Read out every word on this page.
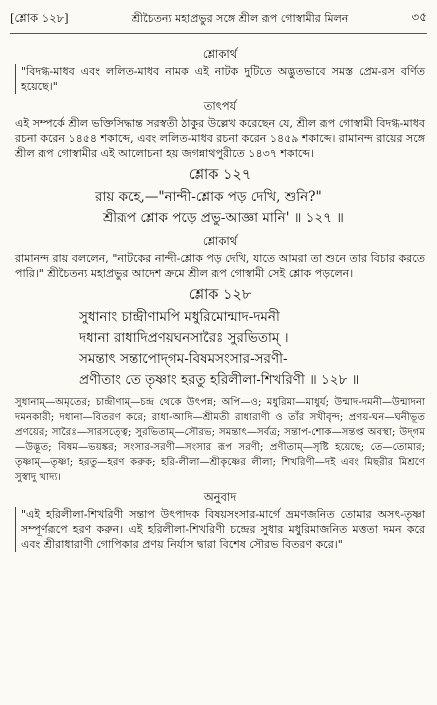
[শ্লোক ১২৮]	শ্রীচৈতন্য মহাপ্রভুর সঙ্গে শ্রীল রূপ গোস্বামীর মিলন	৩৫
শ্লোকার্থ

"বিদগ্ধ-মাধব এবং ললিত-মাধব নামক এই নাটক দুটিতে অদ্ভুতভাবে সমস্ত প্রেম-রস বর্ণিত হয়েছে।"

তাৎপর্য

এই সম্পর্কে শ্রীল ভক্তিসিদ্ধান্ত সরস্বতী ঠাকুর উল্লেখ করেছেন যে, শ্রীল রূপ গোস্বামী বিদগ্ধ-মাধব রচনা করেন ১৪৫৪ শকাব্দে, এবং ললিত-মাধব রচনা করেন ১৪৫৯ শকাব্দে। রামানন্দ রায়ের সঙ্গে শ্রীল রূপ গোস্বামীর এই আলোচনা হয় জগন্নাথপুরীতে ১৪৩৭ শকাব্দে।

শ্লোক ১২৭
রায় কহে,—"নান্দী-শ্লোক পড় দেখি, শুনি?"
শ্রীরূপ শ্লোক পড়ে প্রভু-আজ্ঞা মানি' ॥ ১২৭ ॥
শ্লোকার্থ

রামানন্দ রায় বললেন, "নাটকের নান্দী-শ্লোক পড় দেখি, যাতে আমরা তা শুনে তার বিচার করতে পারি।" শ্রীচৈতন্য মহাপ্রভুর আদেশ ক্রমে শ্রীল রূপ গোস্বামী সেই শ্লোক পড়লেন।

শ্লোক ১২৮
সুধানাং চান্দ্রীণামপি মধুরিমোন্মাদ-দমনী
দধানা রাধাদিপ্রণয়ঘনসারৈঃ সুরভিতাম্ ।
সমন্তাৎ সন্তাপোদ্‌গম-বিষমসংসার-সরণী-
প্রণীতাং তে তৃষ্ণাং হরতু হরিলীলা-শিখরিণী ॥ ১২৮ ॥

সুধানাম্—অমৃতের; চান্দ্রীণাম্—চন্দ্র থেকে উৎপন্ন; অপি—ও; মধুরিমা—মাধুর্য; উন্মাদ-দমনী—উন্মাদনা দমনকারী; দধানা—বিতরণ করে; রাধা-আদি—শ্রীমতী রাধারাণী ও তাঁর সখীবৃন্দ; প্রণয়-ঘন—ঘনীভূত প্রণয়ের; সারৈঃ—সারসত্ত্বে; সুরভিতাম্—সৌরভ; সমন্তাৎ—সর্বত্র; সন্তাপ-শোক—সন্তপ্ত অবস্থা; উদ্‌গম—উদ্ভূত; বিষম—ভয়ঙ্কর; সংসার-সরণী—সংসার রূপ সরণী; প্রণীতাম্—সৃষ্টি হয়েছে; তে—তোমার; তৃষ্ণাম্—তৃষ্ণা; হরতু—হরণ করুক; হরি-লীলা—শ্রীকৃষ্ণের লীলা; শিখরিণী—দই এবং মিছরীর মিশ্রণে সুস্বাদু খাদ্য।

অনুবাদ

"এই হরিলীলা-শিখরিণী সন্তাপ উৎপাদক বিষয়সংসার-মার্গে ভ্রমণজনিত তোমার অসৎ-তৃষ্ণা সম্পূর্ণরূপে হরণ করুন। এই হরিলীলা-শিখরিণী চন্দ্রের সুধার মধুরিমাজনিত মত্ততা দমন করে এবং শ্রীরাধারাণী গোপিকার প্রণয় নির্যাস দ্বারা বিশেষ সৌরভ বিতরণ করে।"
